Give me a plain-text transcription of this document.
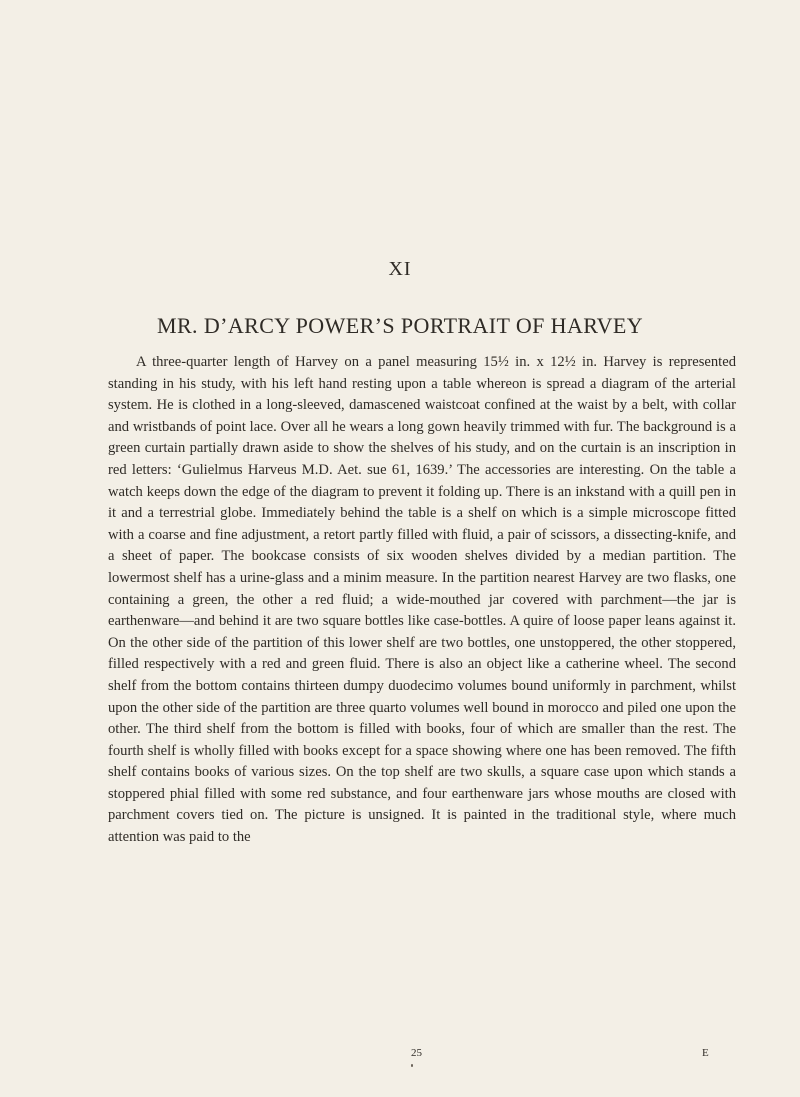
XI
MR. D’ARCY POWER’S PORTRAIT OF HARVEY

A three-quarter length of Harvey on a panel measuring 15½ in. x 12½ in. Harvey is represented standing in his study, with his left hand resting upon a table whereon is spread a diagram of the arterial system. He is clothed in a long-sleeved, damascened waistcoat confined at the waist by a belt, with collar and wristbands of point lace. Over all he wears a long gown heavily trimmed with fur. The background is a green curtain partially drawn aside to show the shelves of his study, and on the curtain is an inscription in red letters: ‘Gulielmus Harveus M.D. Aet. sue 61, 1639.’ The accessories are interesting. On the table a watch keeps down the edge of the diagram to prevent it folding up. There is an inkstand with a quill pen in it and a terrestrial globe. Immediately behind the table is a shelf on which is a simple microscope fitted with a coarse and fine adjustment, a retort partly filled with fluid, a pair of scissors, a dissecting-knife, and a sheet of paper. The bookcase consists of six wooden shelves divided by a median partition. The lowermost shelf has a urine-glass and a minim measure. In the partition nearest Harvey are two flasks, one containing a green, the other a red fluid; a wide-mouthed jar covered with parchment—the jar is earthenware—and behind it are two square bottles like case-bottles. A quire of loose paper leans against it. On the other side of the partition of this lower shelf are two bottles, one unstoppered, the other stoppered, filled respectively with a red and green fluid. There is also an object like a catherine wheel. The second shelf from the bottom contains thirteen dumpy duodecimo volumes bound uniformly in parchment, whilst upon the other side of the partition are three quarto volumes well bound in morocco and piled one upon the other. The third shelf from the bottom is filled with books, four of which are smaller than the rest. The fourth shelf is wholly filled with books except for a space showing where one has been removed. The fifth shelf contains books of various sizes. On the top shelf are two skulls, a square case upon which stands a stoppered phial filled with some red substance, and four earthenware jars whose mouths are closed with parchment covers tied on. The picture is unsigned. It is painted in the traditional style, where much attention was paid to the

25	E
